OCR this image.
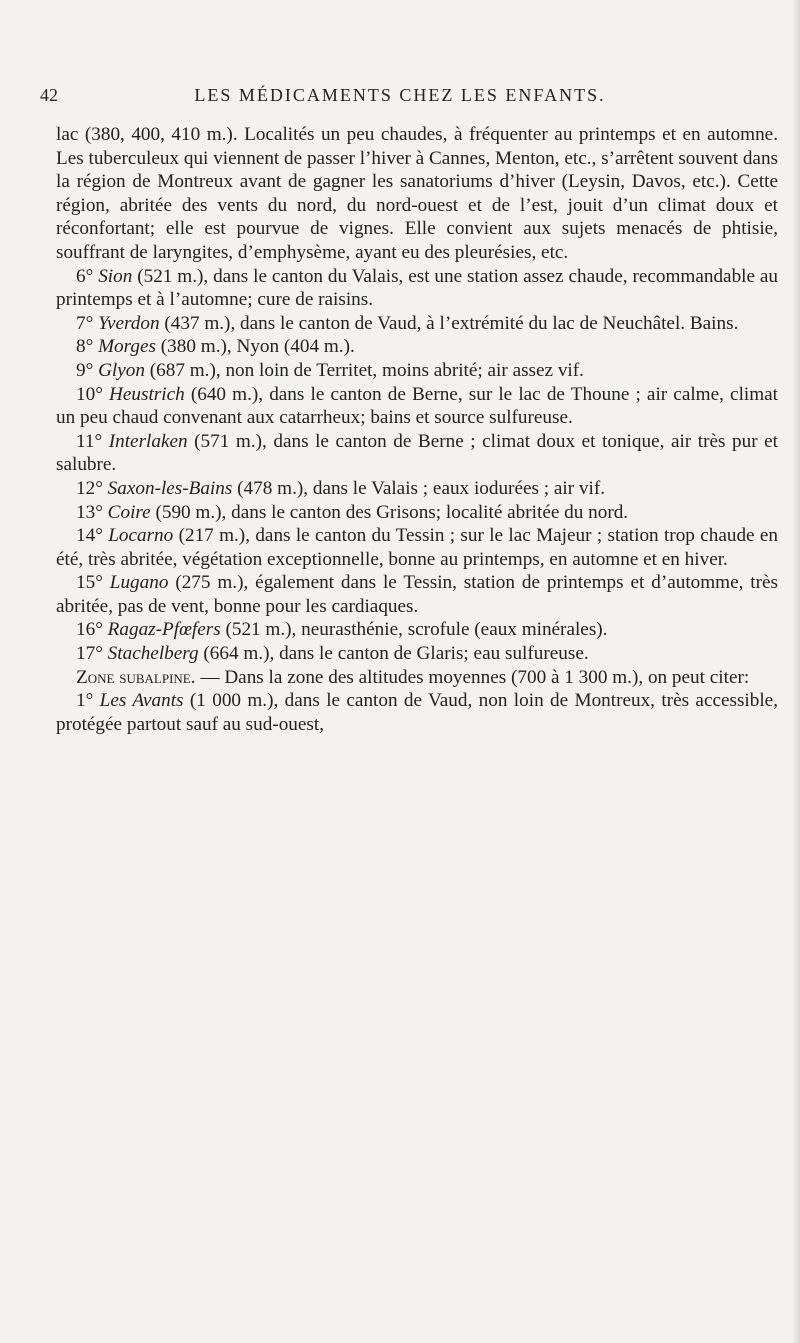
42	LES MÉDICAMENTS CHEZ LES ENFANTS.

lac (380, 400, 410 m.). Localités un peu chaudes, à fréquenter au printemps et en automne. Les tuberculeux qui viennent de passer l’hiver à Cannes, Menton, etc., s’arrêtent souvent dans la région de Montreux avant de gagner les sanatoriums d’hiver (Leysin, Davos, etc.). Cette région, abritée des vents du nord, du nord-ouest et de l’est, jouit d’un climat doux et réconfortant; elle est pourvue de vignes. Elle convient aux sujets menacés de phtisie, souffrant de laryngites, d’emphysème, ayant eu des pleurésies, etc.

6° Sion (521 m.), dans le canton du Valais, est une station assez chaude, recommandable au printemps et à l’automne; cure de raisins.

7° Yverdon (437 m.), dans le canton de Vaud, à l’extrémité du lac de Neuchâtel. Bains.

8° Morges (380 m.), Nyon (404 m.).

9° Glyon (687 m.), non loin de Territet, moins abrité; air assez vif.

10° Heustrich (640 m.), dans le canton de Berne, sur le lac de Thoune ; air calme, climat un peu chaud convenant aux catarrheux; bains et source sulfureuse.

11° Interlaken (571 m.), dans le canton de Berne ; climat doux et tonique, air très pur et salubre.

12° Saxon-les-Bains (478 m.), dans le Valais ; eaux iodurées ; air vif.

13° Coire (590 m.), dans le canton des Grisons; localité abritée du nord.

14° Locarno (217 m.), dans le canton du Tessin ; sur le lac Majeur ; station trop chaude en été, très abritée, végétation exceptionnelle, bonne au printemps, en automne et en hiver.

15° Lugano (275 m.), également dans le Tessin, station de printemps et d’automme, très abritée, pas de vent, bonne pour les cardiaques.

16° Ragaz-Pfœfers (521 m.), neurasthénie, scrofule (eaux minérales).

17° Stachelberg (664 m.), dans le canton de Glaris; eau sulfureuse.

Zone subalpine. — Dans la zone des altitudes moyennes (700 à 1 300 m.), on peut citer:

1° Les Avants (1 000 m.), dans le canton de Vaud, non loin de Montreux, très accessible, protégée partout sauf au sud-ouest,
